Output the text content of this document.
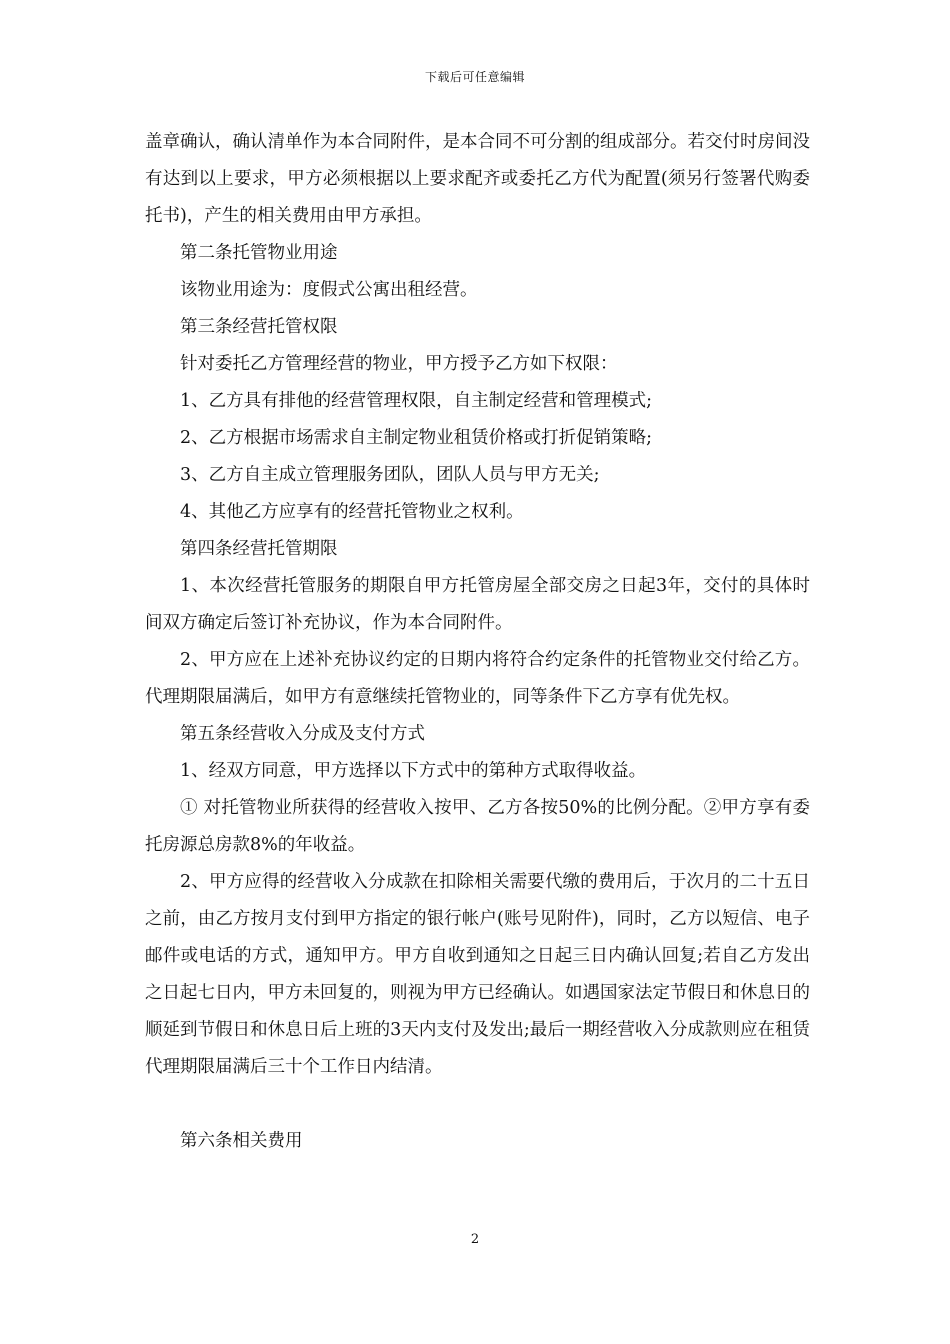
下载后可任意编辑

盖章确认，确认清单作为本合同附件，是本合同不可分割的组成部分。若交付时房间没有达到以上要求，甲方必须根据以上要求配齐或委托乙方代为配置(须另行签署代购委托书)，产生的相关费用由甲方承担。

第二条托管物业用途

该物业用途为：度假式公寓出租经营。

第三条经营托管权限

针对委托乙方管理经营的物业，甲方授予乙方如下权限：

1、乙方具有排他的经营管理权限，自主制定经营和管理模式;

2、乙方根据市场需求自主制定物业租赁价格或打折促销策略;

3、乙方自主成立管理服务团队，团队人员与甲方无关;

4、其他乙方应享有的经营托管物业之权利。

第四条经营托管期限

1、本次经营托管服务的期限自甲方托管房屋全部交房之日起3年，交付的具体时间双方确定后签订补充协议，作为本合同附件。

2、甲方应在上述补充协议约定的日期内将符合约定条件的托管物业交付给乙方。代理期限届满后，如甲方有意继续托管物业的，同等条件下乙方享有优先权。

第五条经营收入分成及支付方式

1、经双方同意，甲方选择以下方式中的第种方式取得收益。

① 对托管物业所获得的经营收入按甲、乙方各按50%的比例分配。②甲方享有委托房源总房款8%的年收益。

2、甲方应得的经营收入分成款在扣除相关需要代缴的费用后，于次月的二十五日之前，由乙方按月支付到甲方指定的银行帐户(账号见附件)，同时，乙方以短信、电子邮件或电话的方式，通知甲方。甲方自收到通知之日起三日内确认回复;若自乙方发出之日起七日内，甲方未回复的，则视为甲方已经确认。如遇国家法定节假日和休息日的顺延到节假日和休息日后上班的3天内支付及发出;最后一期经营收入分成款则应在租赁代理期限届满后三十个工作日内结清。

第六条相关费用

2
